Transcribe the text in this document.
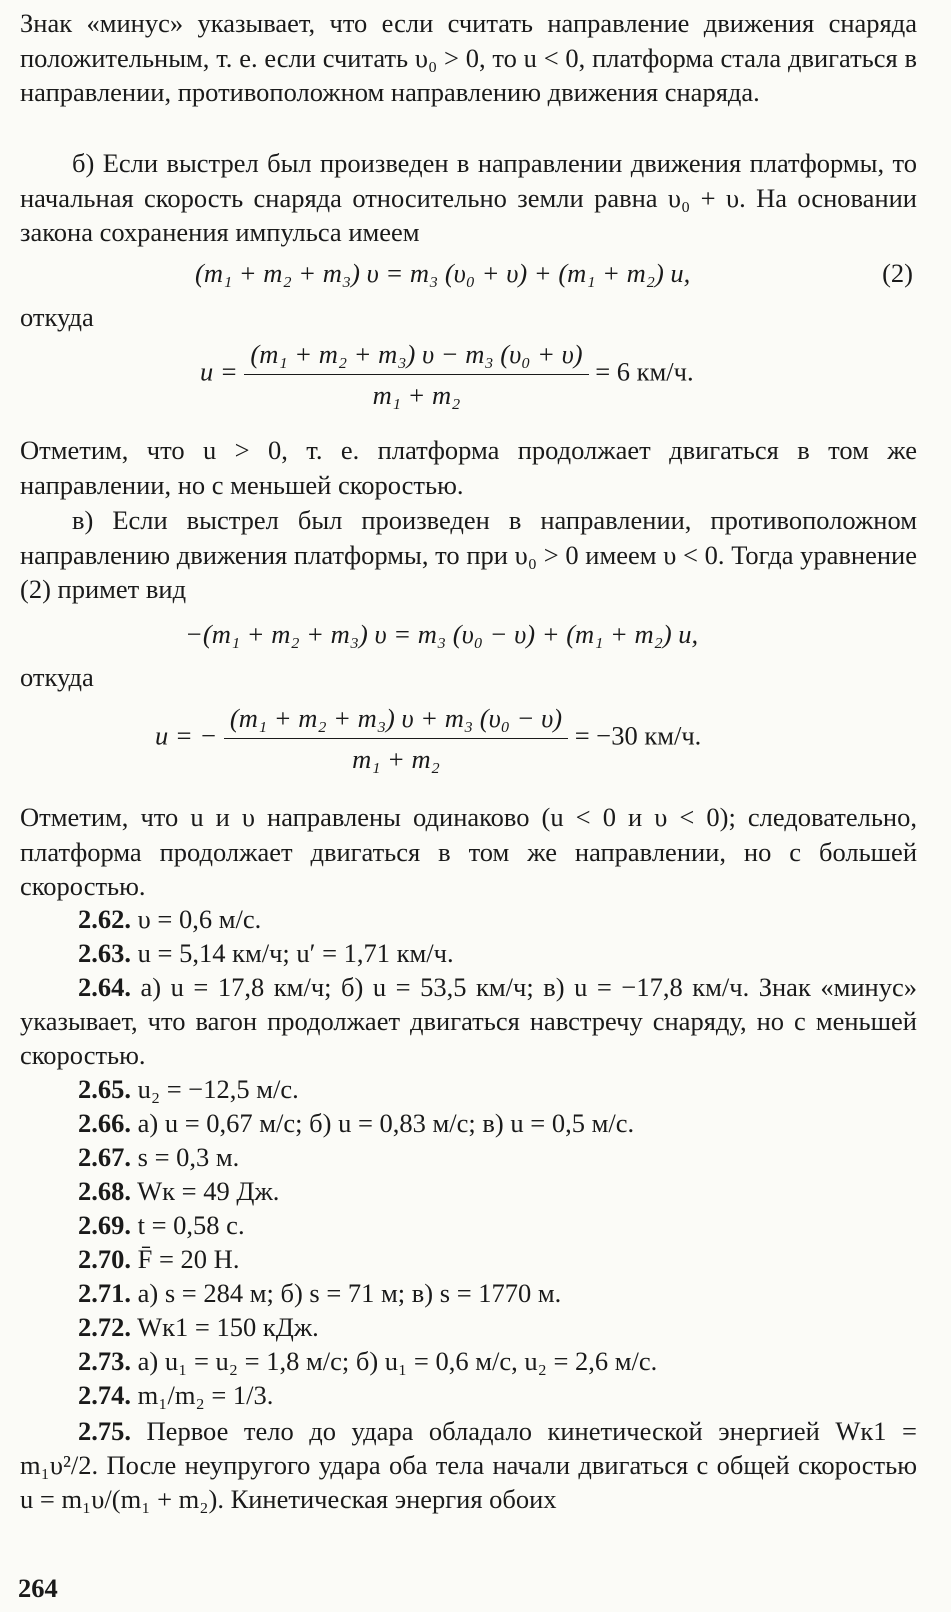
Знак «минус» указывает, что если считать направление движения снаряда положительным, т. е. если считать υ₀ > 0, то u < 0, платформа стала двигаться в направлении, противоположном направлению движения снаряда.
б) Если выстрел был произведен в направлении движения платформы, то начальная скорость снаряда относительно земли равна υ₀ + υ. На основании закона сохранения импульса имеем
(m₁ + m₂ + m₃) υ = m₃ (υ₀ + υ) + (m₁ + m₂) u,	(2)
откуда
$u = \frac{\text{(m₁ + m₂ + m₃) υ − m₃ (υ₀ + υ)}}{\text{m₁ + m₂}} = 6$ км/ч.
Отметим, что u > 0, т. е. платформа продолжает двигаться в том же направлении, но с меньшей скоростью.
в) Если выстрел был произведен в направлении, противоположном направлению движения платформы, то при υ₀ > 0 имеем υ < 0. Тогда уравнение (2) примет вид
−(m₁ + m₂ + m₃) υ = m₃ (υ₀ − υ) + (m₁ + m₂) u,
откуда
u = − $\frac{\text{(m₁ + m₂ + m₃) υ + m₃ (υ₀ − υ)}}{\text{m₁ + m₂}} = -30$ км/ч.
Отметим, что u и υ направлены одинаково (u < 0 и υ < 0); следовательно, платформа продолжает двигаться в том же направлении, но с большей скоростью.
2.62. υ = 0,6 м/с.
2.63. u = 5,14 км/ч; u′ = 1,71 км/ч.
2.64. а) u = 17,8 км/ч; б) u = 53,5 км/ч; в) u = −17,8 км/ч. Знак «минус» указывает, что вагон продолжает двигаться навстречу снаряду, но с меньшей скоростью.
2.65. u₂ = −12,5 м/с.
2.66. а) u = 0,67 м/с; б) u = 0,83 м/с; в) u = 0,5 м/с.
2.67. s = 0,3 м.
2.68. Wк = 49 Дж.
2.69. t = 0,58 с.
2.70. F̄ = 20 Н.
2.71. а) s = 284 м; б) s = 71 м; в) s = 1770 м.
2.72. Wк1 = 150 кДж.
2.73. а) u₁ = u₂ = 1,8 м/с; б) u₁ = 0,6 м/с, u₂ = 2,6 м/с.
2.74. m₁/m₂ = 1/3.
2.75. Первое тело до удара обладало кинетической энергией Wк1 = m₁υ²/2. После неупругого удара оба тела начали двигаться с общей скоростью u = m₁υ/(m₁ + m₂). Кинетическая энергия обоих
264
